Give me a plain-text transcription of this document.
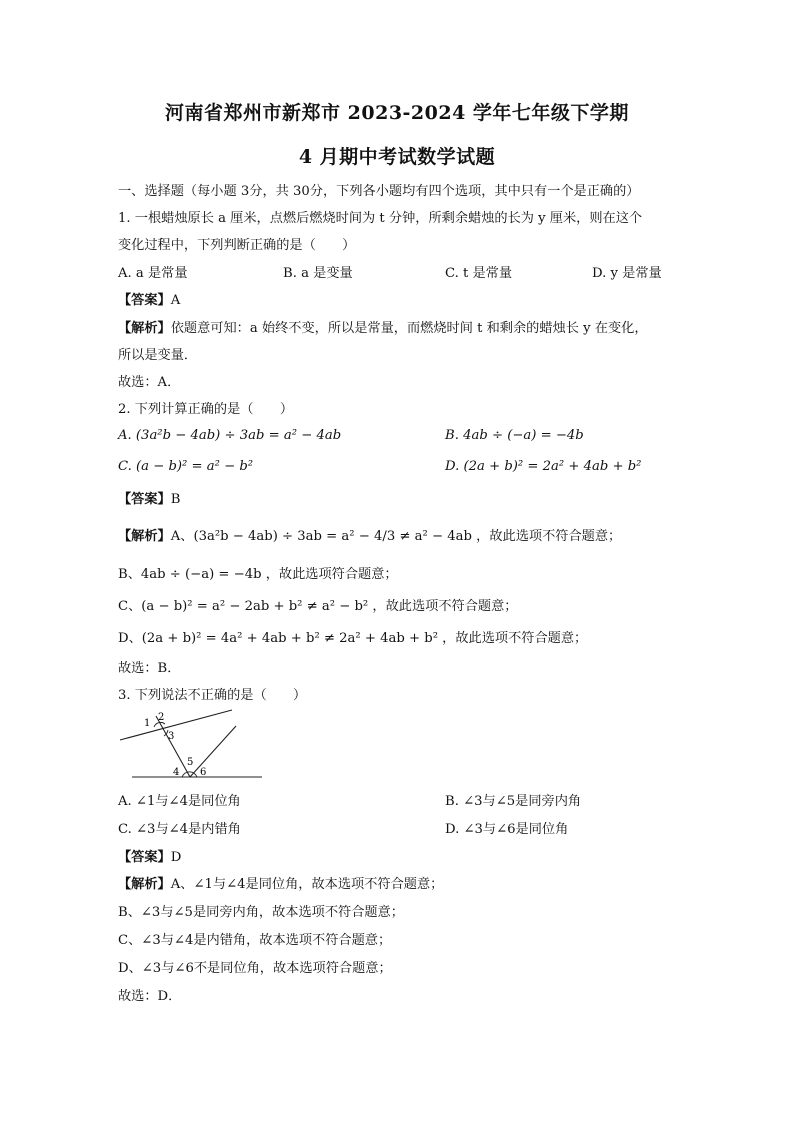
河南省郑州市新郑市 2023-2024 学年七年级下学期
4 月期中考试数学试题
一、选择题（每小题 3分，共 30分，下列各小题均有四个选项，其中只有一个是正确的）
1. 一根蜡烛原长 a 厘米，点燃后燃烧时间为 t 分钟，所剩余蜡烛的长为 y 厘米，则在这个
变化过程中，下列判断正确的是（　　）
A. a 是常量	B. a 是变量	C. t 是常量	D. y 是常量
【答案】A
【解析】依题意可知：a 始终不变，所以是常量，而燃烧时间 t 和剩余的蜡烛长 y 在变化，
所以是变量．
故选：A．
2. 下列计算正确的是（　　）
A. (3a²b − 4ab) ÷ 3ab = a² − 4ab	B. 4ab ÷ (−a) = −4b
C. (a − b)² = a² − b²	D. (2a + b)² = 2a² + 4ab + b²
【答案】B
【解析】A、(3a²b − 4ab) ÷ 3ab = a² − 4/3 ≠ a² − 4ab ，故此选项不符合题意；
B、4ab ÷ (−a) = −4b ，故此选项符合题意；
C、(a − b)² = a² − 2ab + b² ≠ a² − b² ，故此选项不符合题意；
D、(2a + b)² = 4a² + 4ab + b² ≠ 2a² + 4ab + b² ，故此选项不符合题意；
故选：B．
3. 下列说法不正确的是（　　）
1
2
3
4
5
6
A. ∠1与∠4是同位角	B. ∠3与∠5是同旁内角
C. ∠3与∠4是内错角	D. ∠3与∠6是同位角
【答案】D
【解析】A、∠1与∠4是同位角，故本选项不符合题意；
B、∠3与∠5是同旁内角，故本选项不符合题意；
C、∠3与∠4是内错角，故本选项不符合题意；
D、∠3与∠6不是同位角，故本选项符合题意；
故选：D．
